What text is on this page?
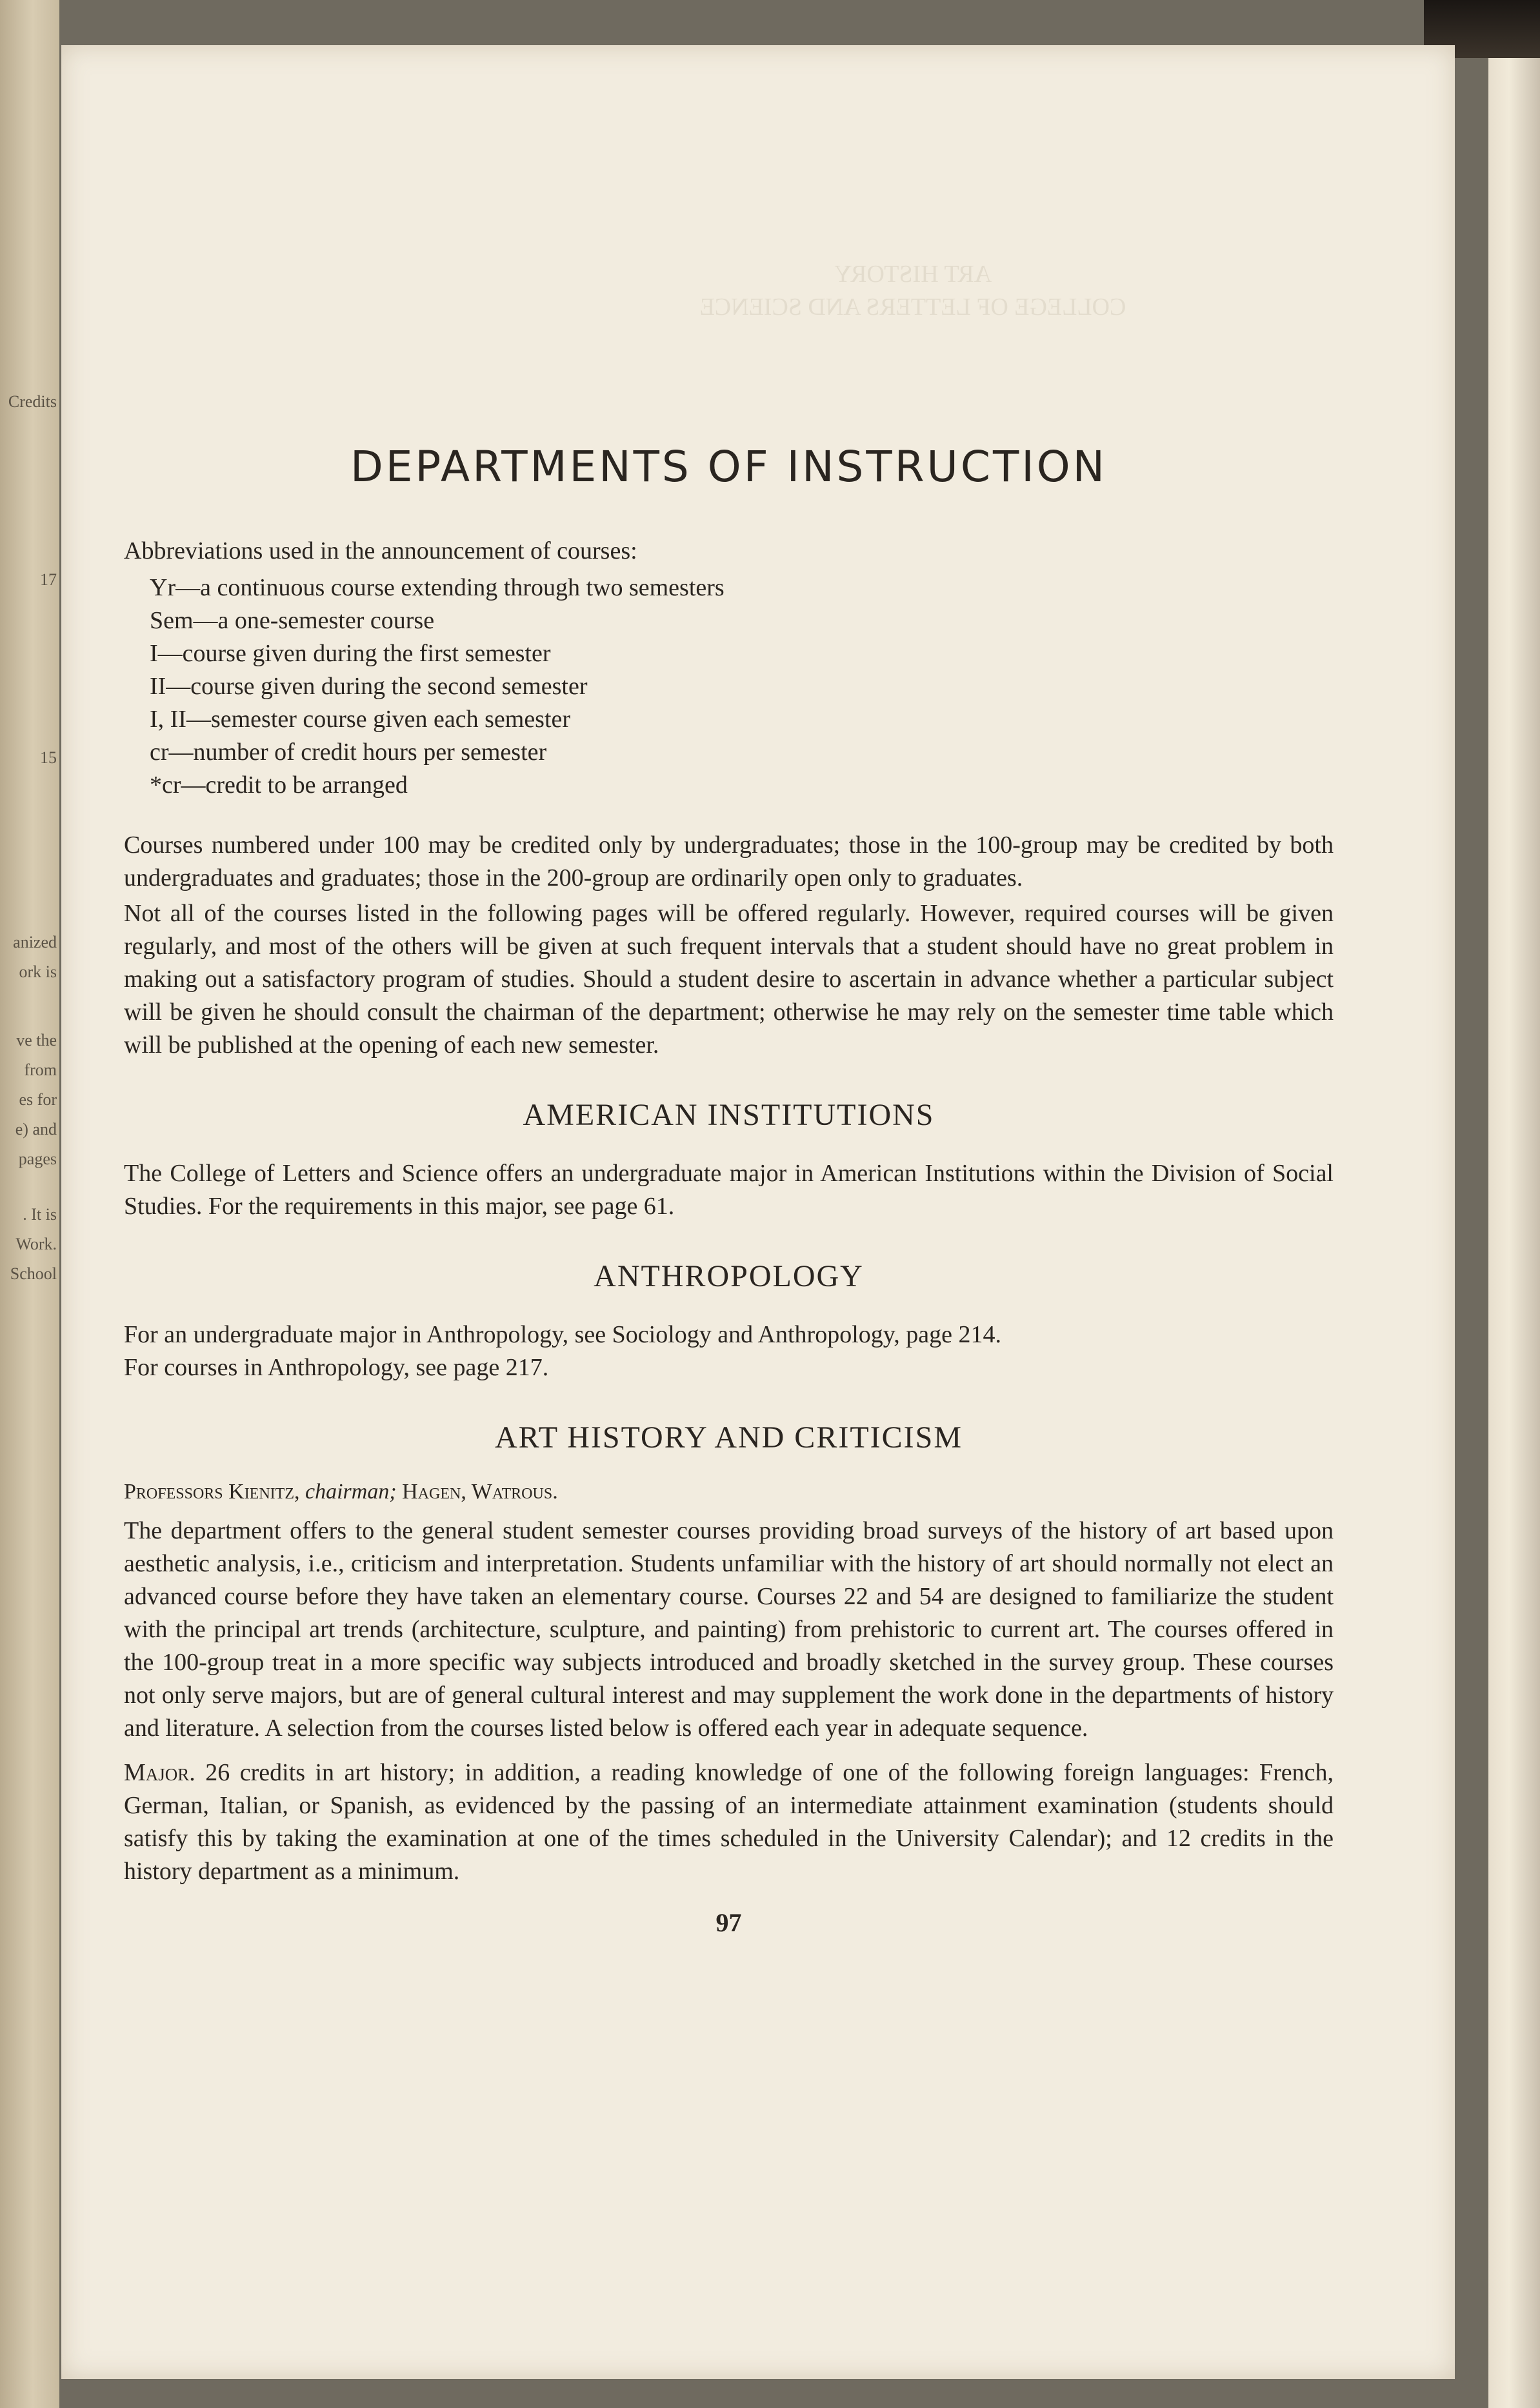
Credits
17
15
anized
ork is
ve the
from
es for
e) and
pages
. It is
Work.
School
ART HISTORY
COLLEGE OF LETTERS AND SCIENCE
DEPARTMENTS OF INSTRUCTION

Abbreviations used in the announcement of courses:

Yr—a continuous course extending through two semesters
Sem—a one-semester course
I—course given during the first semester
II—course given during the second semester
I, II—semester course given each semester
cr—number of credit hours per semester
*cr—credit to be arranged

Courses numbered under 100 may be credited only by undergraduates; those in the 100-group may be credited by both undergraduates and graduates; those in the 200-group are ordinarily open only to graduates.

Not all of the courses listed in the following pages will be offered regularly. However, required courses will be given regularly, and most of the others will be given at such frequent intervals that a student should have no great problem in making out a satisfactory program of studies. Should a student desire to ascertain in advance whether a particular subject will be given he should consult the chairman of the department; otherwise he may rely on the semester time table which will be published at the opening of each new semester.

AMERICAN INSTITUTIONS

The College of Letters and Science offers an undergraduate major in American Institutions within the Division of Social Studies. For the requirements in this major, see page 61.

ANTHROPOLOGY

For an undergraduate major in Anthropology, see Sociology and Anthropology, page 214.

For courses in Anthropology, see page 217.

ART HISTORY AND CRITICISM

Professors Kienitz, chairman; Hagen, Watrous.

The department offers to the general student semester courses providing broad surveys of the history of art based upon aesthetic analysis, i.e., criticism and interpretation. Students unfamiliar with the history of art should normally not elect an advanced course before they have taken an elementary course. Courses 22 and 54 are designed to familiarize the student with the principal art trends (architecture, sculpture, and painting) from prehistoric to current art. The courses offered in the 100-group treat in a more specific way subjects introduced and broadly sketched in the survey group. These courses not only serve majors, but are of general cultural interest and may supplement the work done in the departments of history and literature. A selection from the courses listed below is offered each year in adequate sequence.

Major. 26 credits in art history; in addition, a reading knowledge of one of the following foreign languages: French, German, Italian, or Spanish, as evidenced by the passing of an intermediate attainment examination (students should satisfy this by taking the examination at one of the times scheduled in the University Calendar); and 12 credits in the history department as a minimum.

97
